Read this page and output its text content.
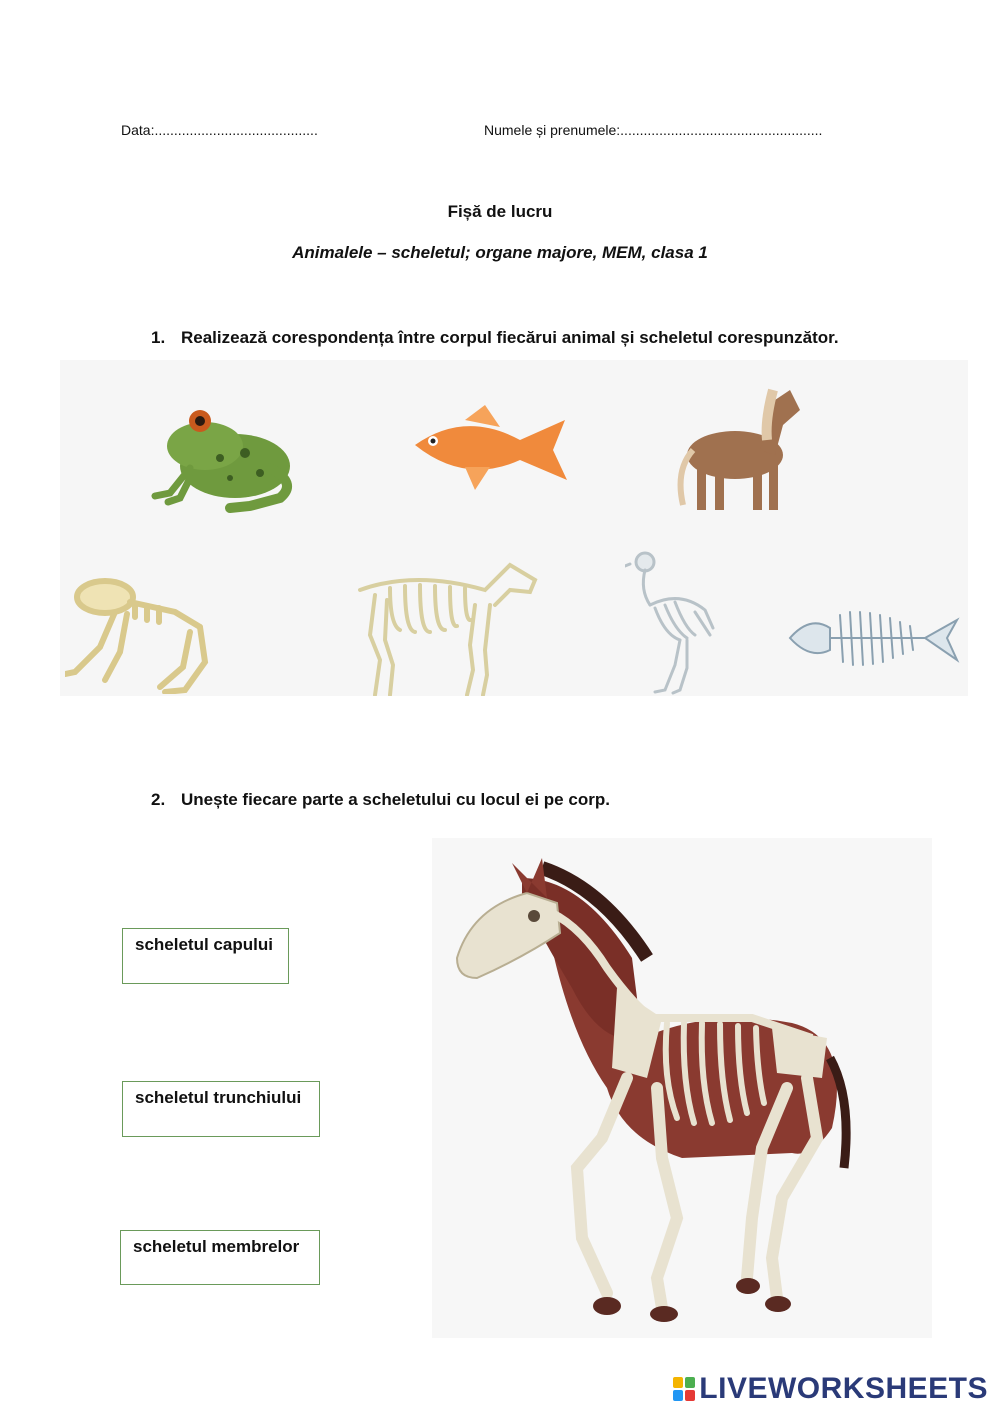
Data:..........................................	Numele și prenumele:....................................................
Fișă de lucru
Animalele – scheletul; organe majore, MEM, clasa 1
1. Realizează corespondența între corpul fiecărui animal și scheletul corespunzător.
2. Unește fiecare parte a scheletului cu locul ei pe corp.
scheletul capului
scheletul trunchiului
scheletul membrelor
LIVEWORKSHEETS
